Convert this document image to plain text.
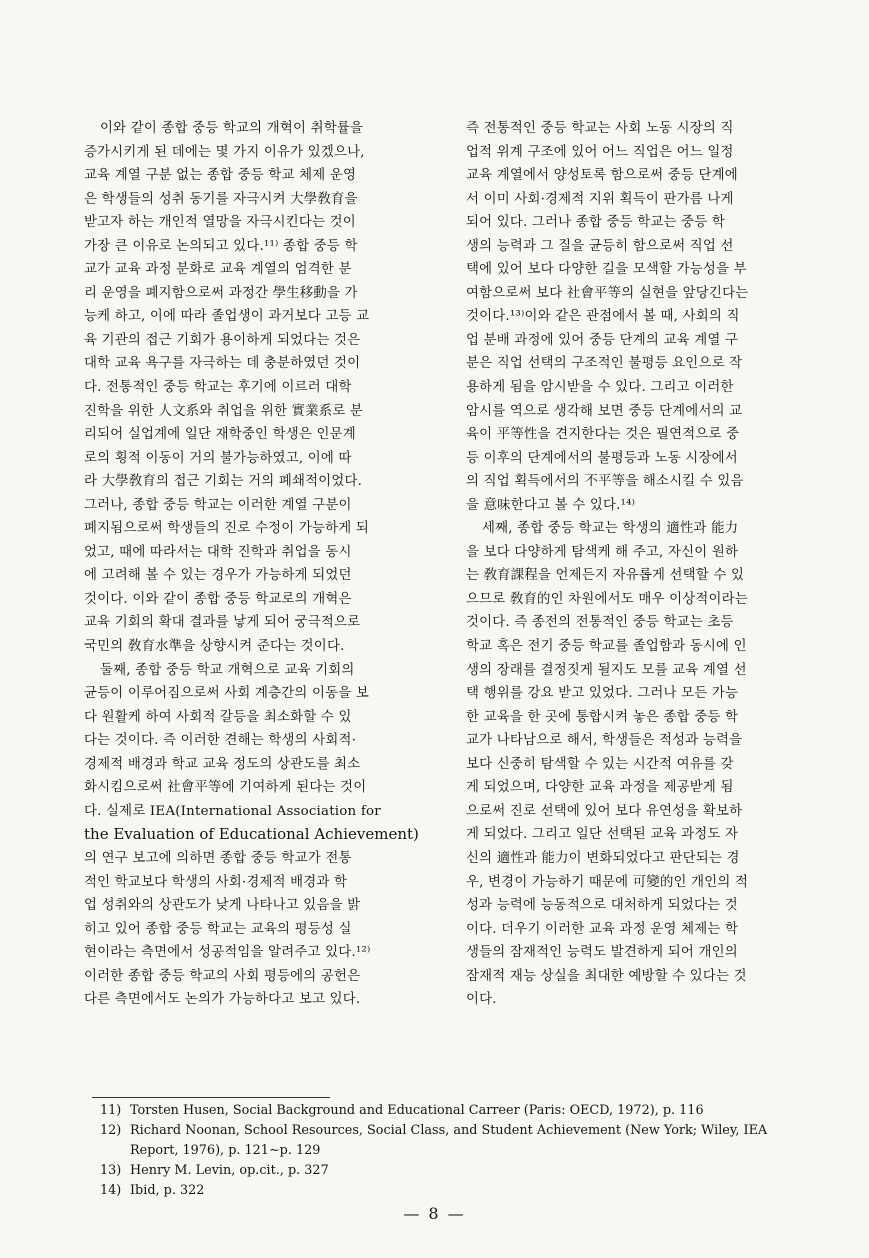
이와 같이 종합 중등 학교의 개혁이 취학률을
증가시키게 된 데에는 몇 가지 이유가 있겠으나,
교육 계열 구분 없는 종합 중등 학교 체제 운영
은 학생들의 성취 동기를 자극시켜 大學敎育을
받고자 하는 개인적 열망을 자극시킨다는 것이
가장 큰 이유로 논의되고 있다.¹¹⁾ 종합 중등 학
교가 교육 과정 분화로 교육 계열의 엄격한 분
리 운영을 폐지함으로써 과정간 學生移動을 가
능케 하고, 이에 따라 졸업생이 과거보다 고등 교
육 기관의 접근 기회가 용이하게 되었다는 것은
대학 교육 욕구를 자극하는 데 충분하였던 것이
다. 전통적인 중등 학교는 후기에 이르러 대학
진학을 위한 人文系와 취업을 위한 實業系로 분
리되어 실업계에 일단 재학중인 학생은 인문계
로의 횡적 이동이 거의 불가능하였고, 이에 따
라 大學敎育의 접근 기회는 거의 폐쇄적이었다.
그러나, 종합 중등 학교는 이러한 계열 구분이
폐지됨으로써 학생들의 진로 수정이 가능하게 되
었고, 때에 따라서는 대학 진학과 취업을 동시
에 고려해 볼 수 있는 경우가 가능하게 되었던
것이다. 이와 같이 종합 중등 학교로의 개혁은
교육 기회의 확대 결과를 낳게 되어 궁극적으로
국민의 敎育水準을 상향시켜 준다는 것이다.
둘째, 종합 중등 학교 개혁으로 교육 기회의
균등이 이루어짐으로써 사회 계층간의 이동을 보
다 원활케 하여 사회적 갈등을 최소화할 수 있
다는 것이다. 즉 이러한 견해는 학생의 사회적·
경제적 배경과 학교 교육 정도의 상관도를 최소
화시킴으로써 社會平等에 기여하게 된다는 것이
다. 실제로 IEA(International Association for
the Evaluation of Educational Achievement)
의 연구 보고에 의하면 종합 중등 학교가 전통
적인 학교보다 학생의 사회·경제적 배경과 학
업 성취와의 상관도가 낮게 나타나고 있음을 밝
히고 있어 종합 중등 학교는 교육의 평등성 실
현이라는 측면에서 성공적임을 알려주고 있다.¹²⁾
이러한 종합 중등 학교의 사회 평등에의 공헌은
다른 측면에서도 논의가 가능하다고 보고 있다.
즉 전통적인 중등 학교는 사회 노동 시장의 직
업적 위계 구조에 있어 어느 직업은 어느 일정
교육 계열에서 양성토록 함으로써 중등 단계에
서 이미 사회·경제적 지위 획득이 판가름 나게
되어 있다. 그러나 종합 중등 학교는 중등 학
생의 능력과 그 질을 균등히 함으로써 직업 선
택에 있어 보다 다양한 길을 모색할 가능성을 부
여함으로써 보다 社會平等의 실현을 앞당긴다는
것이다.¹³⁾이와 같은 관점에서 볼 때, 사회의 직
업 분배 과정에 있어 중등 단계의 교육 계열 구
분은 직업 선택의 구조적인 불평등 요인으로 작
용하게 됨을 암시받을 수 있다. 그리고 이러한
암시를 역으로 생각해 보면 중등 단계에서의 교
육이 平等性을 견지한다는 것은 필연적으로 중
등 이후의 단계에서의 불평등과 노동 시장에서
의 직업 획득에서의 不平等을 해소시킬 수 있음
을 意味한다고 볼 수 있다.¹⁴⁾
세째, 종합 중등 학교는 학생의 適性과 能力
을 보다 다양하게 탐색케 해 주고, 자신이 원하
는 敎育課程을 언제든지 자유롭게 선택할 수 있
으므로 敎育的인 차원에서도 매우 이상적이라는
것이다. 즉 종전의 전통적인 중등 학교는 초등
학교 혹은 전기 중등 학교를 졸업함과 동시에 인
생의 장래를 결정짓게 될지도 모를 교육 계열 선
택 행위를 강요 받고 있었다. 그러나 모든 가능
한 교육을 한 곳에 통합시켜 놓은 종합 중등 학
교가 나타남으로 해서, 학생들은 적성과 능력을
보다 신중히 탐색할 수 있는 시간적 여유를 갖
게 되었으며, 다양한 교육 과정을 제공받게 됨
으로써 진로 선택에 있어 보다 유연성을 확보하
게 되었다. 그리고 일단 선택된 교육 과정도 자
신의 適性과 能力이 변화되었다고 판단되는 경
우, 변경이 가능하기 때문에 可變的인 개인의 적
성과 능력에 능동적으로 대처하게 되었다는 것
이다. 더우기 이러한 교육 과정 운영 체제는 학
생들의 잠재적인 능력도 발견하게 되어 개인의
잠재적 재능 상실을 최대한 예방할 수 있다는 것
이다.
11) Torsten Husen, Social Background and Educational Carreer (Paris: OECD, 1972), p. 116
12) Richard Noonan, School Resources, Social Class, and Student Achievement (New York; Wiley, IEA
Report, 1976), p. 121∼p. 129
13) Henry M. Levin, op.cit., p. 327
14) Ibid, p. 322
— 8 —
